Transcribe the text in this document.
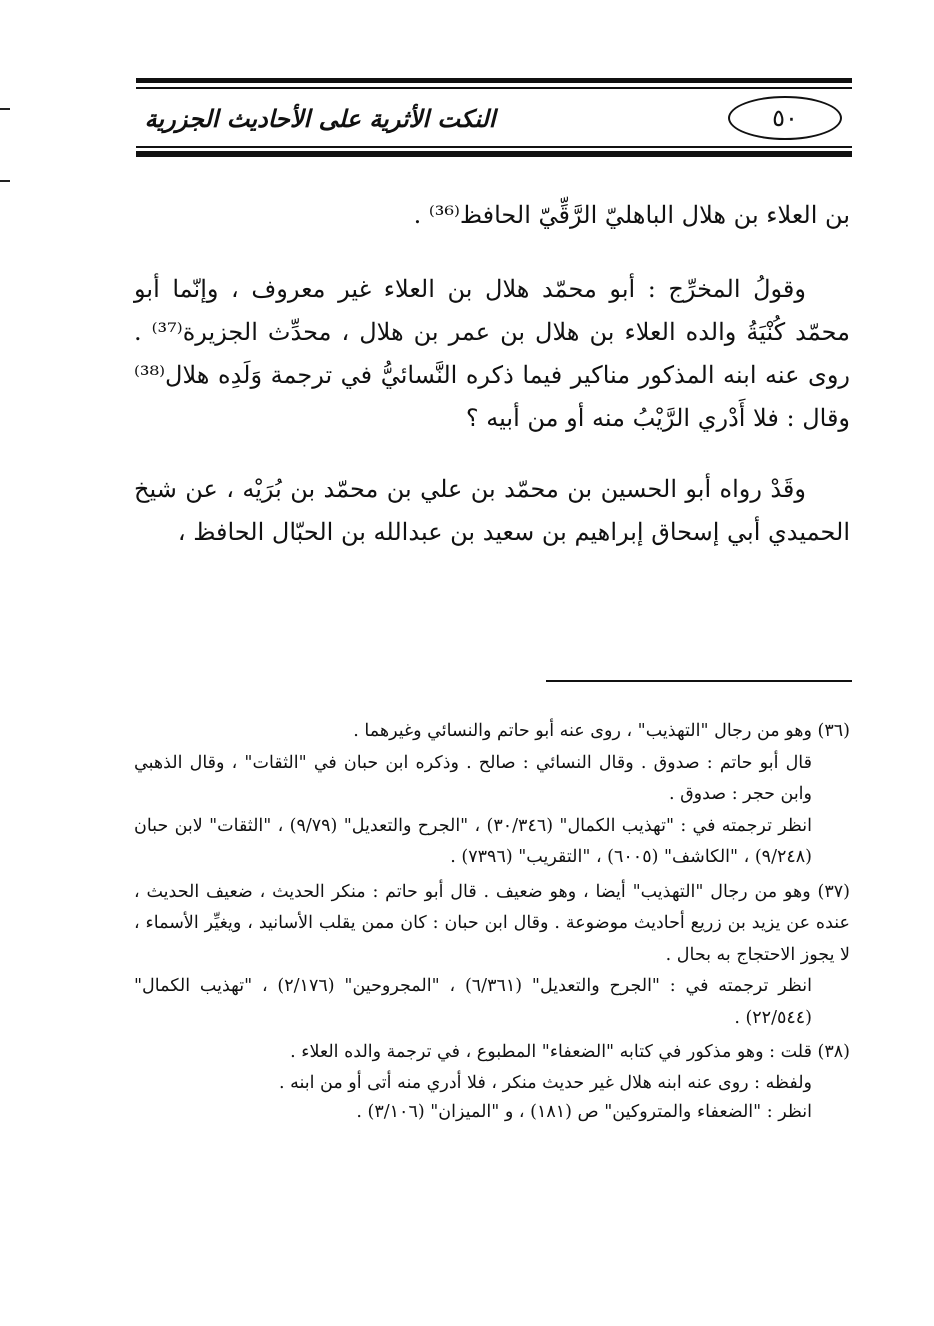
النكت الأثرية على الأحاديث الجزرية	٥٠

بن العلاء بن هلال الباهليّ الرَّقِّيّ الحافظ⁽³⁶⁾ .

وقولُ المخرِّج : أبو محمّد هلال بن العلاء غير معروف ، وإنّما أبو محمّد كُنْيَةُ والده العلاء بن هلال بن عمر بن هلال ، محدِّث الجزيرة⁽³⁷⁾ . روى عنه ابنه المذكور مناكير فيما ذكره النَّسائيُّ في ترجمة وَلَدِه هلال⁽³⁸⁾ وقال : فلا أَدْري الرَّيْبُ منه أو من أبيه ؟

وقَدْ رواه أبو الحسين بن محمّد بن علي بن محمّد بن بُرَيْه ، عن شيخ الحميدي أبي إسحاق إبراهيم بن سعيد بن عبدالله بن الحبّال الحافظ ،

(٣٦) وهو من رجال "التهذيب" ، روى عنه أبو حاتم والنسائي وغيرهما .

قال أبو حاتم : صدوق . وقال النسائي : صالح . وذكره ابن حبان في "الثقات" ، وقال الذهبي وابن حجر : صدوق .

انظر ترجمته في : "تهذيب الكمال" (٣٠/٣٤٦) ، "الجرح والتعديل" (٩/٧٩) ، "الثقات" لابن حبان (٩/٢٤٨) ، "الكاشف" (٦٠٠٥) ، "التقريب" (٧٣٩٦) .

(٣٧) وهو من رجال "التهذيب" أيضا ، وهو ضعيف . قال أبو حاتم : منكر الحديث ، ضعيف الحديث ، عنده عن يزيد بن زريع أحاديث موضوعة . وقال ابن حبان : كان ممن يقلب الأسانيد ، ويغيِّر الأسماء ، لا يجوز الاحتجاج به بحال .

انظر ترجمته في : "الجرح والتعديل" (٦/٣٦١) ، "المجروحين" (٢/١٧٦) ، "تهذيب الكمال" (٢٢/٥٤٤) .

(٣٨) قلت : وهو مذكور في كتابه "الضعفاء" المطبوع ، في ترجمة والده العلاء .

ولفظه : روى عنه ابنه هلال غير حديث منكر ، فلا أدري منه أتى أو من ابنه .

انظر : "الضعفاء والمتروكين" ص (١٨١) ، و "الميزان" (٣/١٠٦) .
